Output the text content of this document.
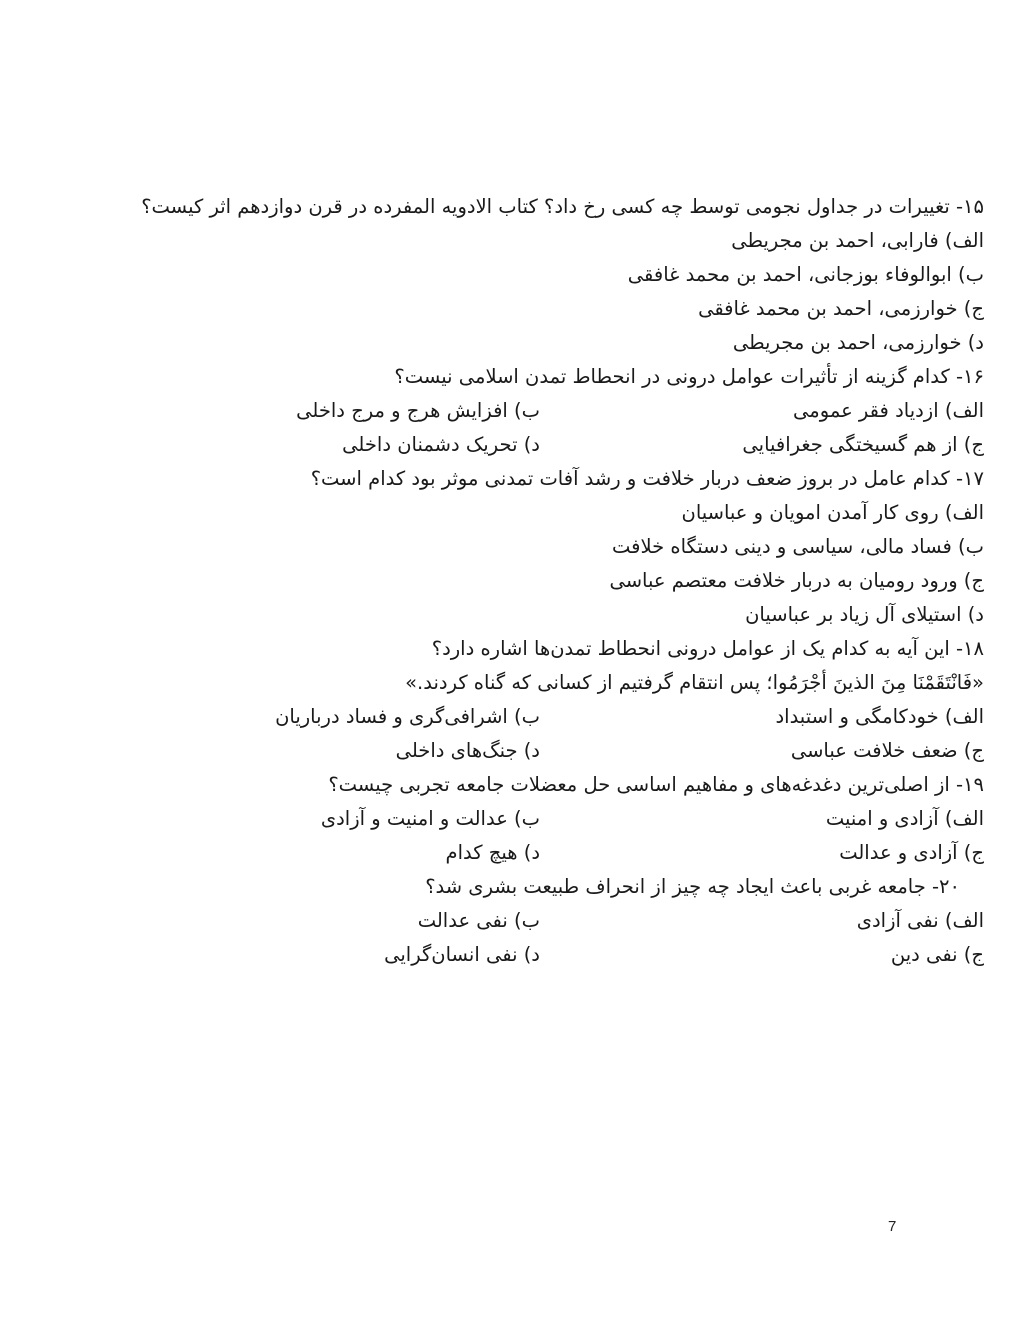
۱۵- تغییرات در جداول نجومی توسط چه کسی رخ داد؟ کتاب الادویه المفرده در قرن دوازدهم اثر کیست؟

الف) فارابی، احمد بن مجریطی

ب) ابوالوفاء بوزجانی، احمد بن محمد غافقی

ج) خوارزمی، احمد بن محمد غافقی

د) خوارزمی، احمد بن مجریطی

۱۶- کدام گزینه از تأثیرات عوامل درونی در انحطاط تمدن اسلامی نیست؟

الف) ازدیاد فقر عمومی

ب) افزایش هرج و مرج داخلی

ج) از هم گسیختگی جغرافیایی

د) تحریک دشمنان داخلی

۱۷- کدام عامل در بروز ضعف دربار خلافت و رشد آفات تمدنی موثر بود کدام است؟

الف) روی کار آمدن امویان و عباسیان

ب) فساد مالی، سیاسی و دینی دستگاه خلافت

ج) ورود رومیان به دربار خلافت معتصم عباسی

د) استیلای آل زیاد بر عباسیان

۱۸- این آیه به کدام یک از عوامل درونی انحطاط تمدن‌ها اشاره دارد؟

«فَانْتَقَمْنَا مِنَ الذینَ أجْرَمُوا؛ پس انتقام گرفتیم از کسانی که گناه کردند.»

الف) خودکامگی و استبداد

ب) اشرافی‌گری و فساد درباریان

ج) ضعف خلافت عباسی

د) جنگ‌های داخلی

۱۹- از اصلی‌ترین دغدغه‌های و مفاهیم اساسی حل معضلات جامعه تجربی چیست؟

الف) آزادی و امنیت

ب) عدالت و امنیت و آزادی

ج) آزادی و عدالت

د) هیچ کدام

۲۰- جامعه غربی باعث ایجاد چه چیز از انحراف طبیعت بشری شد؟

الف) نفی آزادی

ب) نفی عدالت

ج) نفی دین

د) نفی انسان‌گرایی

7
